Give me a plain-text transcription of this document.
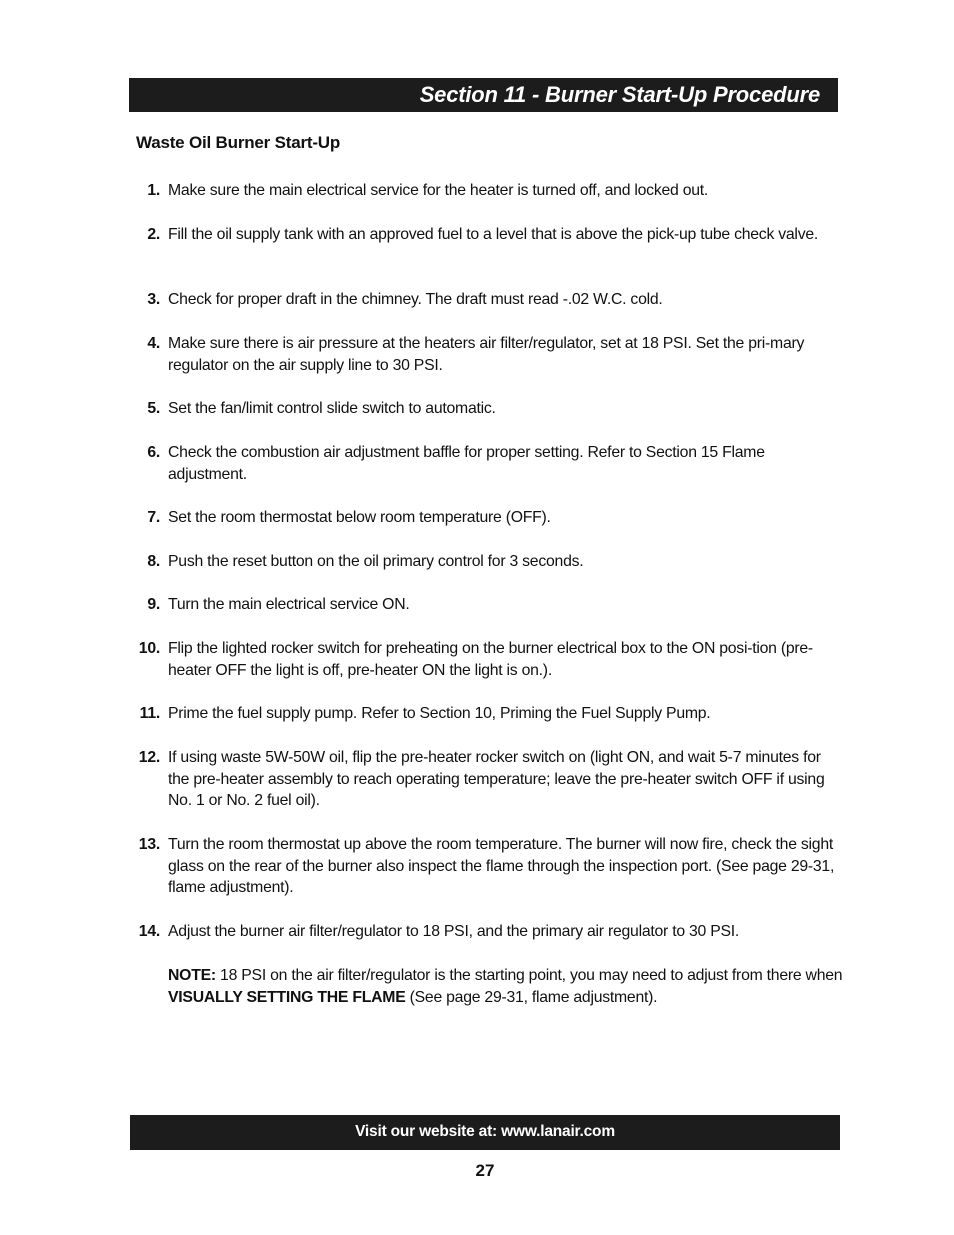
Section 11 - Burner Start-Up Procedure
Waste Oil Burner Start-Up
1. Make sure the main electrical service for the heater is turned off, and locked out.
2. Fill the oil supply tank with an approved fuel to a level that is above the pick-up tube check valve.
3. Check for proper draft in the chimney. The draft must read -.02 W.C. cold.
4. Make sure there is air pressure at the heaters air filter/regulator, set at 18 PSI. Set the pri-mary regulator on the air supply line to 30 PSI.
5. Set the fan/limit control slide switch to automatic.
6. Check the combustion air adjustment baffle for proper setting. Refer to Section 15 Flame adjustment.
7. Set the room thermostat below room temperature (OFF).
8. Push the reset button on the oil primary control for 3 seconds.
9. Turn the main electrical service ON.
10. Flip the lighted rocker switch for preheating on the burner electrical box to the ON posi-tion (pre-heater OFF the light is off, pre-heater ON the light is on.).
11. Prime the fuel supply pump. Refer to Section 10, Priming the Fuel Supply Pump.
12. If using waste 5W-50W oil, flip the pre-heater rocker switch on (light ON, and wait 5-7 minutes for the pre-heater assembly to reach operating temperature; leave the pre-heater switch OFF if using No. 1 or No. 2 fuel oil).
13. Turn the room thermostat up above the room temperature. The burner will now fire, check the sight glass on the rear of the burner also inspect the flame through the inspection port. (See page 29-31, flame adjustment).
14. Adjust the burner air filter/regulator to 18 PSI, and the primary air regulator to 30 PSI.
NOTE: 18 PSI on the air filter/regulator is the starting point, you may need to adjust from there when VISUALLY SETTING THE FLAME (See page 29-31, flame adjustment).
Visit our website at: www.lanair.com
27
